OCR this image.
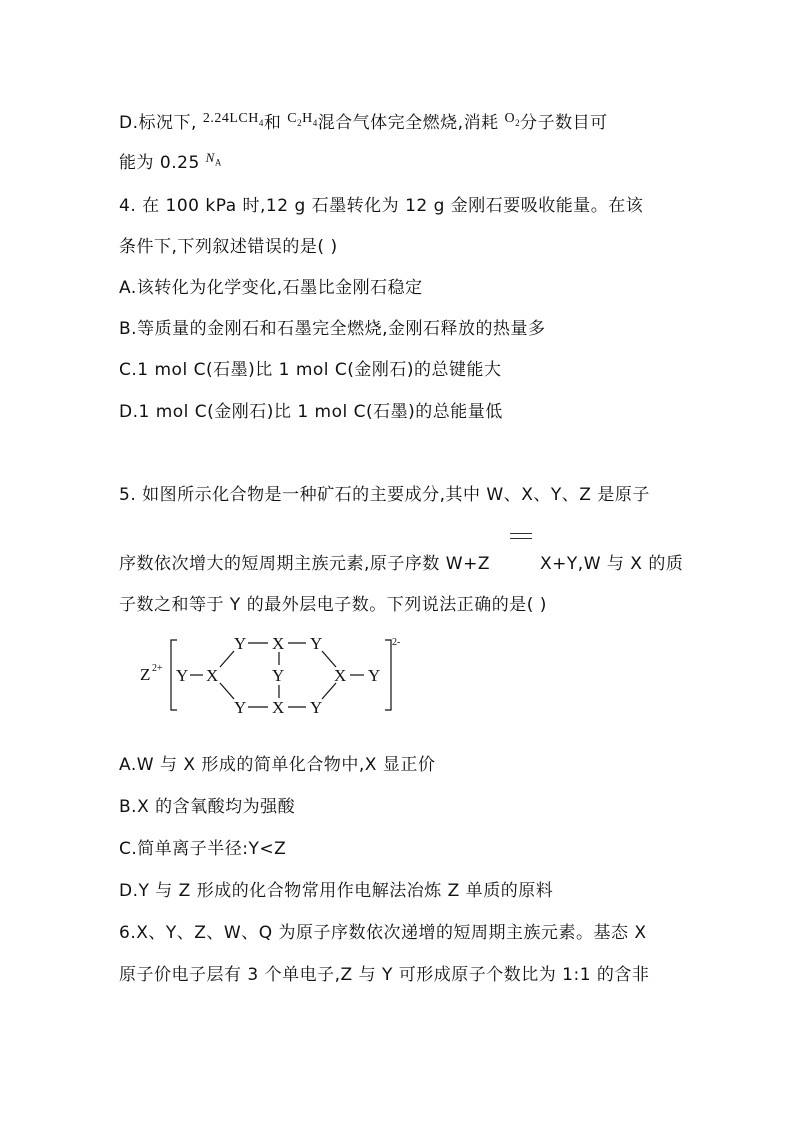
D.标况下, $^{2.24LCH_4}$和 $^{C_2H_4}$混合气体完全燃烧,消耗 $^{O_2}$分子数目可
能为 0.25 $^{N_A}$
4. 在 100 kPa 时,12 g 石墨转化为 12 g 金刚石要吸收能量。在该
条件下,下列叙述错误的是( )
A.该转化为化学变化,石墨比金刚石稳定
B.等质量的金刚石和石墨完全燃烧,金刚石释放的热量多
C.1 mol C(石墨)比 1 mol C(金刚石)的总键能大
D.1 mol C(金刚石)比 1 mol C(石墨)的总能量低
5. 如图所示化合物是一种矿石的主要成分,其中 W、X、Y、Z 是原子
序数依次增大的短周期主族元素,原子序数 W+Z	X+Y,W 与 X 的质
子数之和等于 Y 的最外层电子数。下列说法正确的是( )
Z 2+
2-
Y X
Y X Y
Y
Y X Y
X Y
A.W 与 X 形成的简单化合物中,X 显正价
B.X 的含氧酸均为强酸
C.简单离子半径:Y<Z
D.Y 与 Z 形成的化合物常用作电解法冶炼 Z 单质的原料
6.X、Y、Z、W、Q 为原子序数依次递增的短周期主族元素。基态 X
原子价电子层有 3 个单电子,Z 与 Y 可形成原子个数比为 1:1 的含非
